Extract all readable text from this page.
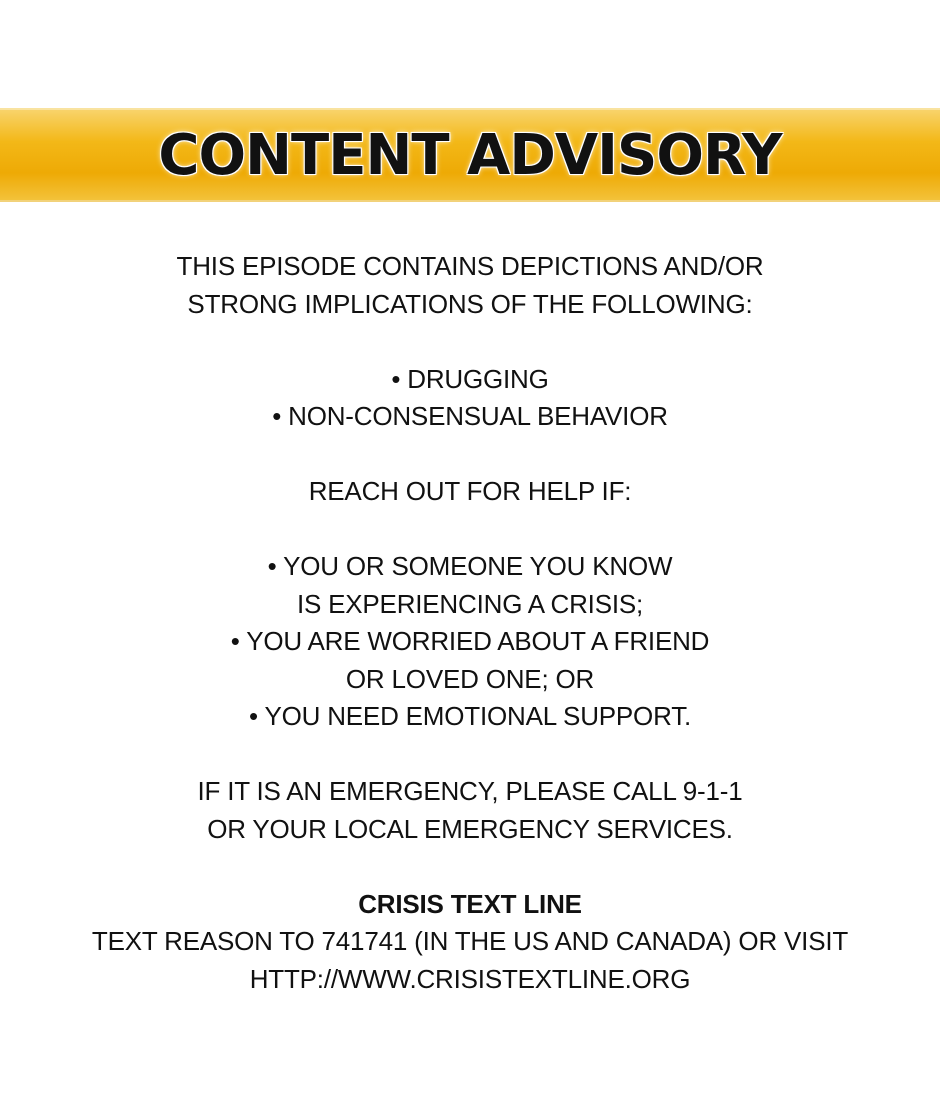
CONTENT ADVISORY
THIS EPISODE CONTAINS DEPICTIONS AND/OR
STRONG IMPLICATIONS OF THE FOLLOWING:
• DRUGGING
• NON-CONSENSUAL BEHAVIOR
REACH OUT FOR HELP IF:
• YOU OR SOMEONE YOU KNOW
IS EXPERIENCING A CRISIS;
• YOU ARE WORRIED ABOUT A FRIEND
OR LOVED ONE; OR
• YOU NEED EMOTIONAL SUPPORT.
IF IT IS AN EMERGENCY, PLEASE CALL 9-1-1
OR YOUR LOCAL EMERGENCY SERVICES.
CRISIS TEXT LINE
TEXT REASON TO 741741 (IN THE US AND CANADA) OR VISIT
HTTP://WWW.CRISISTEXTLINE.ORG
